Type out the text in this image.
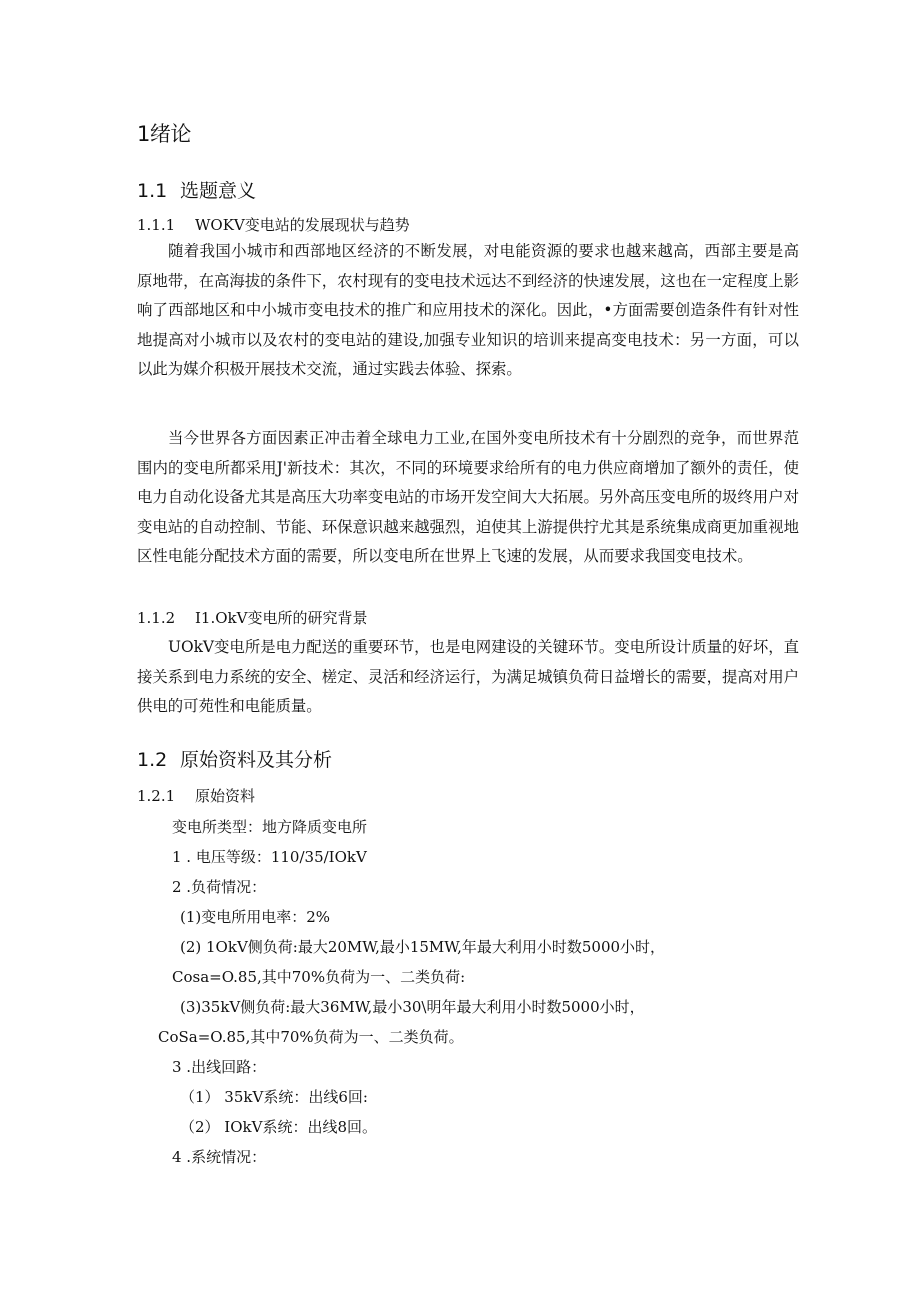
1绪论
1.1 选题意义
1.1.1 WOKV变电站的发展现状与趋势
随着我国小城市和西部地区经济的不断发展，对电能资源的要求也越来越高，西部主要是高原地带，在高海拔的条件下，农村现有的变电技术远达不到经济的快速发展，这也在一定程度上影响了西部地区和中小城市变电技术的推广和应用技术的深化。因此，•方面需要创造条件有针对性地提高对小城市以及农村的变电站的建设,加强专业知识的培训来提高变电技术：另一方面，可以以此为媒介积极开展技术交流，通过实践去体验、探索。
当今世界各方面因素正冲击着全球电力工业,在国外变电所技术有十分剧烈的竞争，而世界范围内的变电所都采用J'新技术：其次，不同的环境要求给所有的电力供应商增加了额外的责任，使电力自动化设备尤其是高压大功率变电站的市场开发空间大大拓展。另外高压变电所的圾终用户对变电站的自动控制、节能、环保意识越来越强烈，迫使其上游提供拧尤其是系统集成商更加重视地区性电能分配技术方面的需要，所以变电所在世界上飞速的发展，从而要求我国变电技术。
1.1.2 I1.OkV变电所的研究背景
UOkV变电所是电力配送的重要环节，也是电网建设的关键环节。变电所设计质量的好坏，直接关系到电力系统的安全、槎定、灵活和经济运行，为满足城镇负荷日益增长的需要，提高对用户供电的可苑性和电能质量。
1.2 原始资料及其分析
1.2.1 原始资料
变电所类型：地方降质变电所
1 . 电压等级：110/35/IOkV
2 .负荷情况：
(1)变电所用电率：2%
(2) 1OkV侧负荷:最大20MW,最小15MW,年最大利用小时数5000小时，
Cosa=O.85,其中70%负荷为一、二类负荷:
(3)35kV侧负荷:最大36MW,最小30\明年最大利用小时数5000小时，
CoSa=O.85,其中70%负荷为一、二类负荷。
3 .出线回路：
（1） 35kV系统：出线6回:
（2） IOkV系统：出线8回。
4 .系统情况：
